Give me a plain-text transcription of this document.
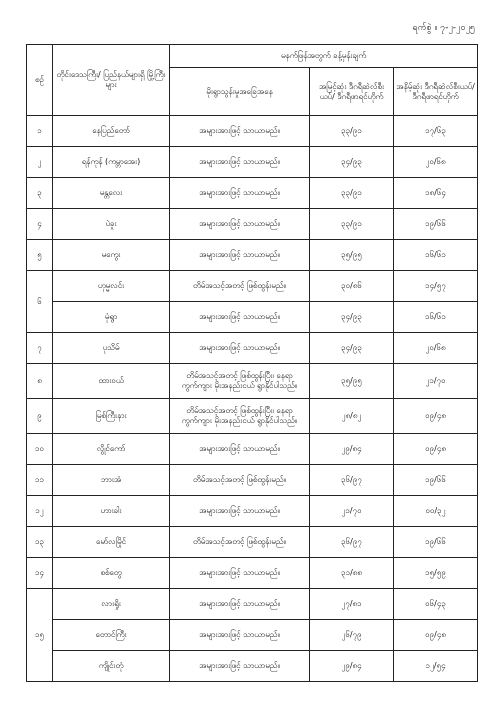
ရက်စွဲ ။ ၇-၂-၂၀၂၅
စဉ်	တိုင်းဒေသကြီး/ ပြည်နယ်များရှိ မြို့ကြီးများ	မနက်ဖြန်အတွက် ခန့်မှန်းချက်		
		မိုးရွာသွန်းမှုအခြေအနေ	အမြင့်ဆုံး ဒီဂရီဆဲလ်စီးယပ်/ ဒီဂရီဖာရင်ဟိုက်	အနိမ့်ဆုံး ဒီဂရီဆဲလ်စီးယပ်/ ဒီဂရီဖာရင်ဟိုက်
၁	နေပြည်တော်	အများအားဖြင့် သာယာမည်။	၃၃/၉၁	၁၇/၆၃
၂	ရန်ကုန် (ကမ္ဘာအေး)	အများအားဖြင့် သာယာမည်။	၃၄/၉၃	၂၀/၆၈
၃	မန္တလေး	အများအားဖြင့် သာယာမည်။	၃၃/၉၁	၁၈/၆၄
၄	ပဲခူး	အများအားဖြင့် သာယာမည်။	၃၃/၉၁	၁၉/၆၆
၅	မကွေး	အများအားဖြင့် သာယာမည်။	၃၅/၉၅	၁၆/၆၁
၆	ဟုမ္မလင်း	တိမ်အသင့်အတင့် ဖြစ်ထွန်းမည်။	၃၀/၈၆	၁၄/၅၇
	မုံရွာ	အများအားဖြင့် သာယာမည်။	၃၄/၉၃	၁၆/၆၁
၇	ပုသိမ်	အများအားဖြင့် သာယာမည်။	၃၄/၉၃	၂၀/၆၈
၈	ထားဝယ်	တိမ်အသင့်အတင့် ဖြစ်ထွန်းပြီး၊ နေရာကွက်ကျား မိုးအနည်းငယ် ရွာနိုင်ပါသည်။	၃၅/၉၅	၂၁/၇၀
၉	မြစ်ကြီးနား	တိမ်အသင့်အတင့် ဖြစ်ထွန်းပြီး၊ နေရာကွက်ကျား မိုးအနည်းငယ် ရွာနိုင်ပါသည်။	၂၈/၈၂	၀၉/၄၈
၁၀	လွိုင်ကော်	အများအားဖြင့် သာယာမည်။	၂၉/၈၄	၀၉/၄၈
၁၁	ဘားအံ	တိမ်အသင့်အတင့် ဖြစ်ထွန်းမည်။	၃၆/၉၇	၁၉/၆၆
၁၂	ဟားခါး	အများအားဖြင့် သာယာမည်။	၂၁/၇၀	၀၀/၃၂
၁၃	မော်လမြိုင်	တိမ်အသင့်အတင့် ဖြစ်ထွန်းမည်။	၃၆/၉၇	၁၉/၆၆
၁၄	စစ်တွေ	အများအားဖြင့် သာယာမည်။	၃၁/၈၈	၁၅/၅၉
၁၅	လားရှိုး	အများအားဖြင့် သာယာမည်။	၂၇/၈၁	၀၆/၄၃
	တောင်ကြီး	အများအားဖြင့် သာယာမည်။	၂၆/၇၉	၀၉/၄၈
	ကျိုင်းတုံ	အများအားဖြင့် သာယာမည်။	၂၉/၈၄	၁၂/၅၄
